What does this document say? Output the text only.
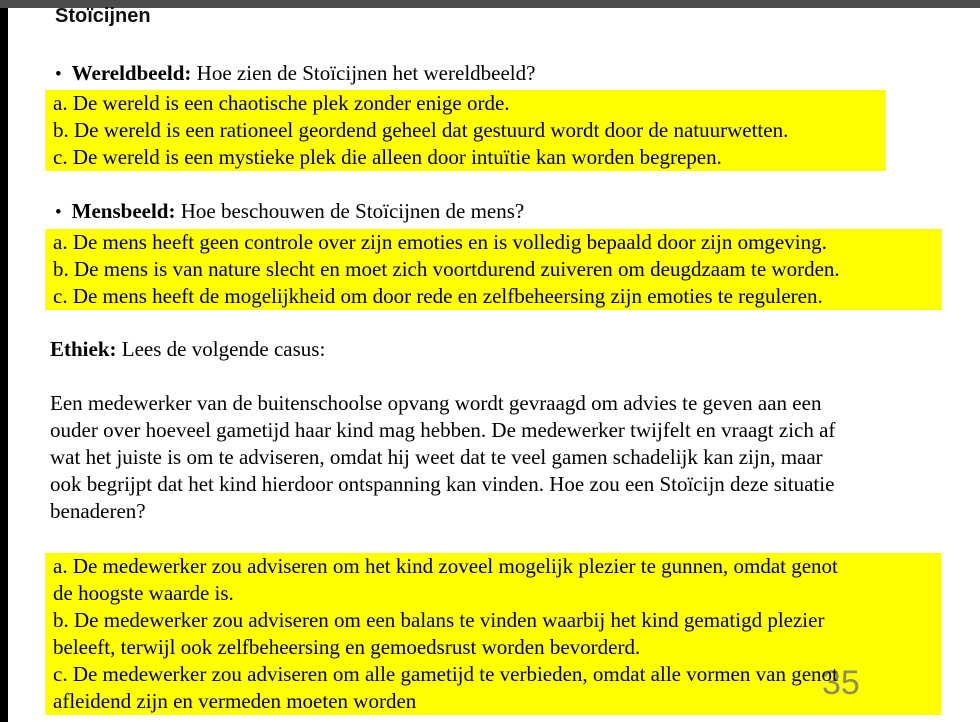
Stoïcijnen
• Wereldbeeld: Hoe zien de Stoïcijnen het wereldbeeld?
a. De wereld is een chaotische plek zonder enige orde.
b. De wereld is een rationeel geordend geheel dat gestuurd wordt door de natuurwetten.
c. De wereld is een mystieke plek die alleen door intuïtie kan worden begrepen.
• Mensbeeld: Hoe beschouwen de Stoïcijnen de mens?
a. De mens heeft geen controle over zijn emoties en is volledig bepaald door zijn omgeving.
b. De mens is van nature slecht en moet zich voortdurend zuiveren om deugdzaam te worden.
c. De mens heeft de mogelijkheid om door rede en zelfbeheersing zijn emoties te reguleren.
Ethiek: Lees de volgende casus:
Een medewerker van de buitenschoolse opvang wordt gevraagd om advies te geven aan een
ouder over hoeveel gametijd haar kind mag hebben. De medewerker twijfelt en vraagt zich af
wat het juiste is om te adviseren, omdat hij weet dat te veel gamen schadelijk kan zijn, maar
ook begrijpt dat het kind hierdoor ontspanning kan vinden. Hoe zou een Stoïcijn deze situatie
benaderen?
35
a. De medewerker zou adviseren om het kind zoveel mogelijk plezier te gunnen, omdat genot
de hoogste waarde is.
b. De medewerker zou adviseren om een balans te vinden waarbij het kind gematigd plezier
beleeft, terwijl ook zelfbeheersing en gemoedsrust worden bevorderd.
c. De medewerker zou adviseren om alle gametijd te verbieden, omdat alle vormen van genot
afleidend zijn en vermeden moeten worden
